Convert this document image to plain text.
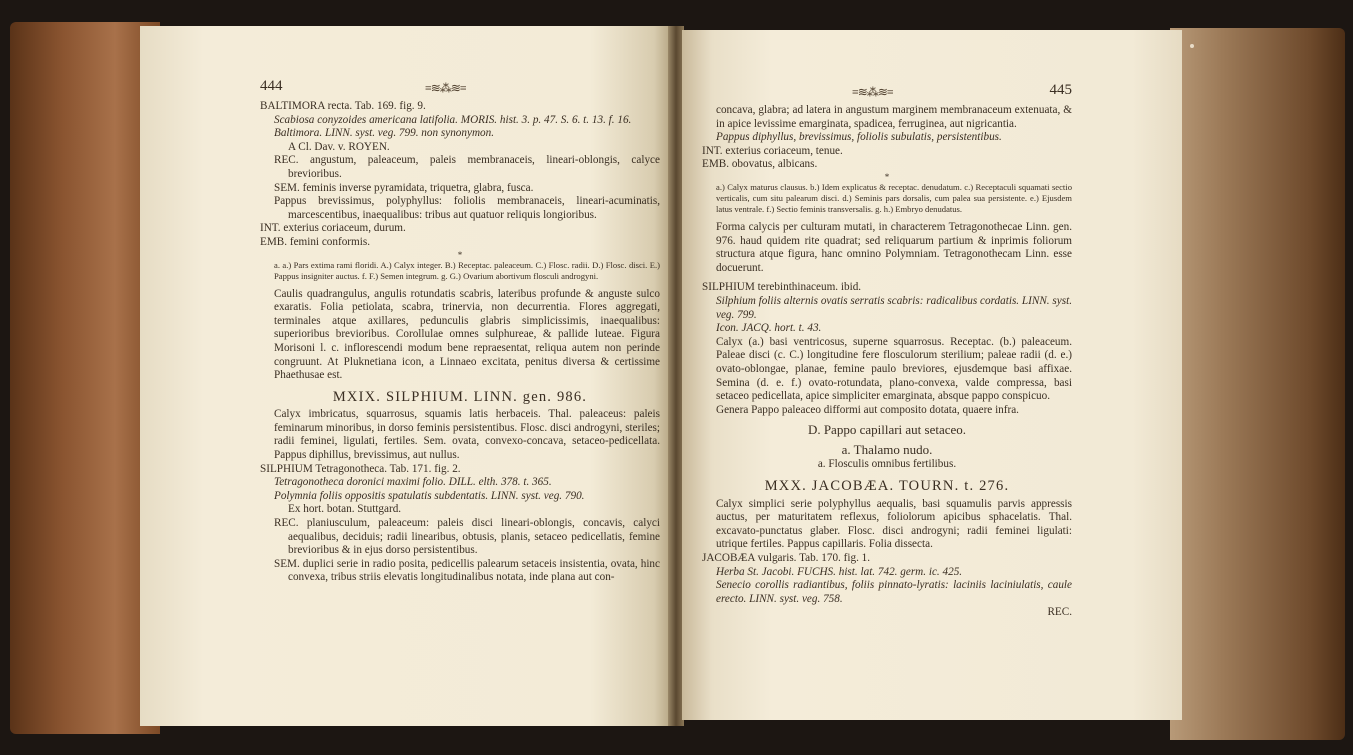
444	≡≋⁂≋≡

BALTIMORA recta. Tab. 169. fig. 9.

Scabiosa conyzoides americana latifolia. MORIS. hist. 3. p. 47. S. 6. t. 13. f. 16.

Baltimora. LINN. syst. veg. 799. non synonymon.

A Cl. Dav. v. ROYEN.

REC. angustum, paleaceum, paleis membranaceis, lineari-oblongis, calyce brevioribus.

SEM. feminis inverse pyramidata, triquetra, glabra, fusca.

Pappus brevissimus, polyphyllus: foliolis membranaceis, lineari-acuminatis, marcescentibus, inaequalibus: tribus aut quatuor reliquis longioribus.

INT. exterius coriaceum, durum.

EMB. femini conformis.

*

a. a.) Pars extima rami floridi. A.) Calyx integer. B.) Receptac. paleaceum. C.) Flosc. radii. D.) Flosc. disci. E.) Pappus insigniter auctus. f. F.) Semen integrum. g. G.) Ovarium abortivum flosculi androgyni.

Caulis quadrangulus, angulis rotundatis scabris, lateribus profunde & anguste sulco exaratis. Folia petiolata, scabra, trinervia, non decurrentia. Flores aggregati, terminales atque axillares, pedunculis glabris simplicissimis, inaequalibus: superioribus brevioribus. Corollulae omnes sulphureae, & pallide luteae. Figura Morisoni l. c. inflorescendi modum bene repraesentat, reliqua autem non perinde congruunt. At Pluknetiana icon, a Linnaeo excitata, penitus diversa & certissime Phaethusae est.

MXIX. SILPHIUM. LINN. gen. 986.

Calyx imbricatus, squarrosus, squamis latis herbaceis. Thal. paleaceus: paleis feminarum minoribus, in dorso feminis persistentibus. Flosc. disci androgyni, steriles; radii feminei, ligulati, fertiles. Sem. ovata, convexo-concava, setaceo-pedicellata. Pappus diphillus, brevissimus, aut nullus.

SILPHIUM Tetragonotheca. Tab. 171. fig. 2.

Tetragonotheca doronici maximi folio. DILL. elth. 378. t. 365.

Polymnia foliis oppositis spatulatis subdentatis. LINN. syst. veg. 790.

Ex hort. botan. Stuttgard.

REC. planiusculum, paleaceum: paleis disci lineari-oblongis, concavis, calyci aequalibus, deciduis; radii linearibus, obtusis, planis, setaceo pedicellatis, femine brevioribus & in ejus dorso persistentibus.

SEM. duplici serie in radio posita, pedicellis palearum setaceis insistentia, ovata, hinc convexa, tribus striis elevatis longitudinalibus notata, inde plana aut con-

≡≋⁂≋≡	445

concava, glabra; ad latera in angustum marginem membranaceum extenuata, & in apice levissime emarginata, spadicea, ferruginea, aut nigricantia.

Pappus diphyllus, brevissimus, foliolis subulatis, persistentibus.

INT. exterius coriaceum, tenue.

EMB. obovatus, albicans.

*

a.) Calyx maturus clausus. b.) Idem explicatus & receptac. denudatum. c.) Receptaculi squamati sectio verticalis, cum situ palearum disci. d.) Seminis pars dorsalis, cum palea sua persistente. e.) Ejusdem latus ventrale. f.) Sectio feminis transversalis. g. h.) Embryo denudatus.

Forma calycis per culturam mutati, in characterem Tetragonothecae Linn. gen. 976. haud quidem rite quadrat; sed reliquarum partium & inprimis foliorum structura atque figura, hanc omnino Polymniam. Tetragonothecam Linn. esse docuerunt.

SILPHIUM terebinthinaceum. ibid.

Silphium foliis alternis ovatis serratis scabris: radicalibus cordatis. LINN. syst. veg. 799.

Icon. JACQ. hort. t. 43.

Calyx (a.) basi ventricosus, superne squarrosus. Receptac. (b.) paleaceum. Paleae disci (c. C.) longitudine fere flosculorum sterilium; paleae radii (d. e.) ovato-oblongae, planae, femine paulo breviores, ejusdemque basi affixae. Semina (d. e. f.) ovato-rotundata, plano-convexa, valde compressa, basi setaceo pedicellata, apice simpliciter emarginata, absque pappo conspicuo.

Genera Pappo paleaceo difformi aut composito dotata, quaere infra.

D. Pappo capillari aut setaceo.

a. Thalamo nudo.

a. Flosculis omnibus fertilibus.

MXX. JACOBÆA. TOURN. t. 276.

Calyx simplici serie polyphyllus aequalis, basi squamulis parvis appressis auctus, per maturitatem reflexus, foliolorum apicibus sphacelatis. Thal. excavato-punctatus glaber. Flosc. disci androgyni; radii feminei ligulati: utrique fertiles. Pappus capillaris. Folia dissecta.

JACOBÆA vulgaris. Tab. 170. fig. 1.

Herba St. Jacobi. FUCHS. hist. lat. 742. germ. ic. 425.

Senecio corollis radiantibus, foliis pinnato-lyratis: laciniis laciniulatis, caule erecto. LINN. syst. veg. 758.

REC.
